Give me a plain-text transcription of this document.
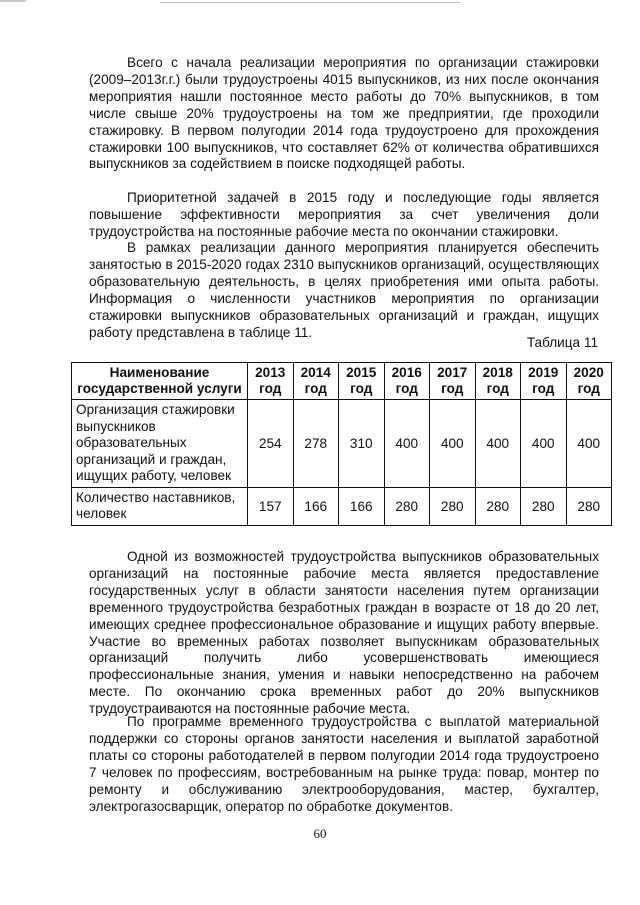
Всего с начала реализации мероприятия по организации стажировки (2009–2013г.г.) были трудоустроены 4015 выпускников, из них после окончания мероприятия нашли постоянное место работы до 70% выпускников, в том числе свыше 20% трудоустроены на том же предприятии, где проходили стажировку. В первом полугодии 2014 года трудоустроено для прохождения стажировки 100 выпускников, что составляет 62% от количества обратившихся выпускников за содействием в поиске подходящей работы.

Приоритетной задачей в 2015 году и последующие годы является повышение эффективности мероприятия за счет увеличения доли трудоустройства на постоянные рабочие места по окончании стажировки.

В рамках реализации данного мероприятия планируется обеспечить занятостью в 2015-2020 годах 2310 выпускников организаций, осуществляющих образовательную деятельность, в целях приобретения ими опыта работы. Информация о численности участников мероприятия по организации стажировки выпускников образовательных организаций и граждан, ищущих работу представлена в таблице 11.

Таблица 11

Наименование государственной услуги	2013 год	2014 год	2015 год	2016 год	2017 год	2018 год	2019 год	2020 год
Организация стажировки выпускников образовательных организаций и граждан, ищущих работу, человек	254	278	310	400	400	400	400	400
Количество наставников, человек	157	166	166	280	280	280	280	280

Одной из возможностей трудоустройства выпускников образовательных организаций на постоянные рабочие места является предоставление государственных услуг в области занятости населения путем организации временного трудоустройства безработных граждан в возрасте от 18 до 20 лет, имеющих среднее профессиональное образование и ищущих работу впервые. Участие во временных работах позволяет выпускникам образовательных организаций получить либо усовершенствовать имеющиеся профессиональные знания, умения и навыки непосредственно на рабочем месте. По окончанию срока временных работ до 20% выпускников трудоустраиваются на постоянные рабочие места.

По программе временного трудоустройства с выплатой материальной поддержки со стороны органов занятости населения и выплатой заработной платы со стороны работодателей в первом полугодии 2014 года трудоустроено 7 человек по профессиям, востребованным на рынке труда: повар, монтер по ремонту и обслуживанию электрооборудования, мастер, бухгалтер, электрогазосварщик, оператор по обработке документов.

60
